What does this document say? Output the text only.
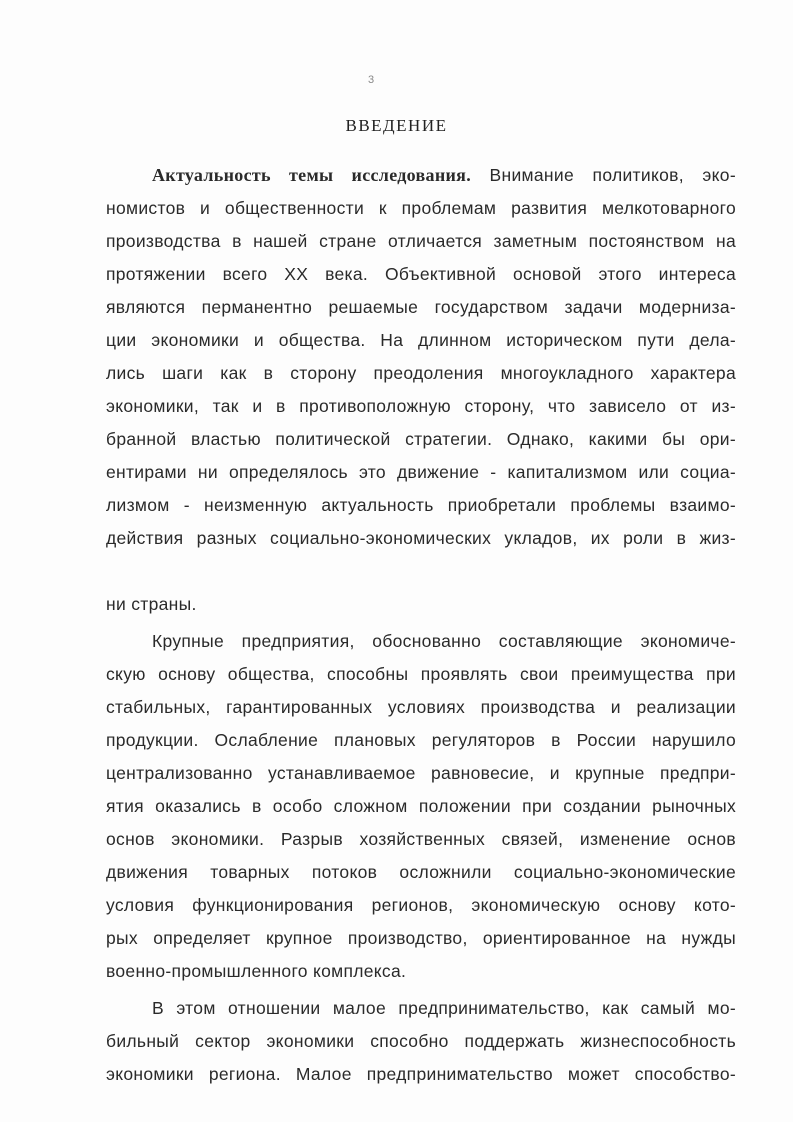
3
ВВЕДЕНИЕ
Актуальность темы исследования. Внимание политиков, эко-
номистов и общественности к проблемам развития мелкотоварного
производства в нашей стране отличается заметным постоянством на
протяжении всего XX века. Объективной основой этого интереса
являются перманентно решаемые государством задачи модерниза-
ции экономики и общества. На длинном историческом пути дела-
лись шаги как в сторону преодоления многоукладного характера
экономики, так и в противоположную сторону, что зависело от из-
бранной властью политической стратегии. Однако, какими бы ори-
ентирами ни определялось это движение - капитализмом или социа-
лизмом - неизменную актуальность приобретали проблемы взаимо-
действия разных социально-экономических укладов, их роли в жиз-
ни страны.
Крупные предприятия, обоснованно составляющие экономиче-
скую основу общества, способны проявлять свои преимущества при
стабильных, гарантированных условиях производства и реализации
продукции. Ослабление плановых регуляторов в России нарушило
централизованно устанавливаемое равновесие, и крупные предпри-
ятия оказались в особо сложном положении при создании рыночных
основ экономики. Разрыв хозяйственных связей, изменение основ
движения товарных потоков осложнили социально-экономические
условия функционирования регионов, экономическую основу кото-
рых определяет крупное производство, ориентированное на нужды
военно-промышленного комплекса.
В этом отношении малое предпринимательство, как самый мо-
бильный сектор экономики способно поддержать жизнеспособность
экономики региона. Малое предпринимательство может способство-
